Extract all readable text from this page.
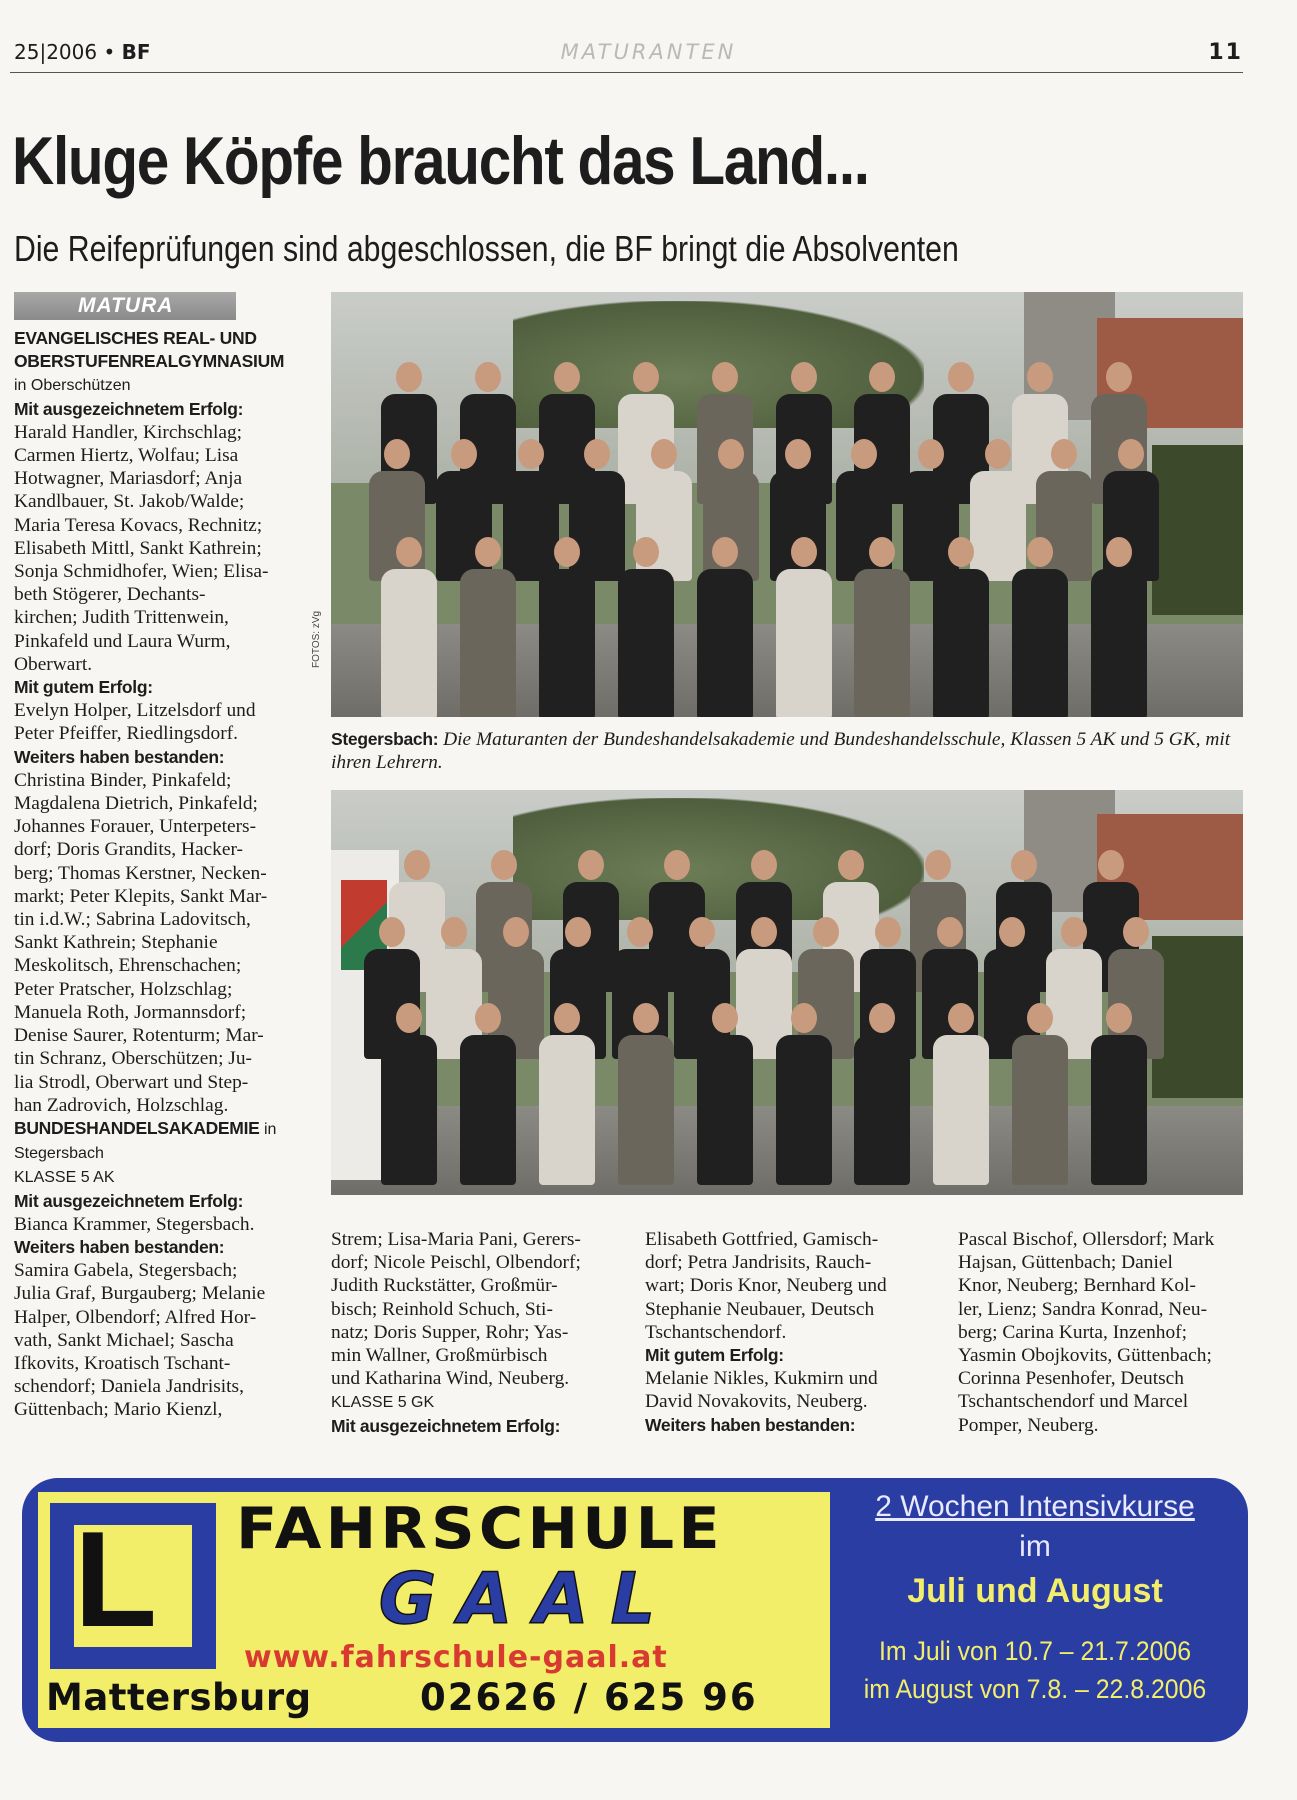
25|2006 • BF	MATURANTEN	11
Kluge Köpfe braucht das Land...
Die Reifeprüfungen sind abgeschlossen, die BF bringt die Absolventen
MATURA

EVANGELISCHES REAL- UND

OBERSTUFENREALGYMNASIUM

in Oberschützen

Mit ausgezeichnetem Erfolg:

Harald Handler, Kirchschlag;

Carmen Hiertz, Wolfau; Lisa

Hotwagner, Mariasdorf; Anja

Kandlbauer, St. Jakob/Walde;

Maria Teresa Kovacs, Rechnitz;

Elisabeth Mittl, Sankt Kathrein;

Sonja Schmidhofer, Wien; Elisa-

beth Stögerer, Dechants-

kirchen; Judith Trittenwein,

Pinkafeld und Laura Wurm,

Oberwart.

Mit gutem Erfolg:

Evelyn Holper, Litzelsdorf und

Peter Pfeiffer, Riedlingsdorf.

Weiters haben bestanden:

Christina Binder, Pinkafeld;

Magdalena Dietrich, Pinkafeld;

Johannes Forauer, Unterpeters-

dorf; Doris Grandits, Hacker-

berg; Thomas Kerstner, Necken-

markt; Peter Klepits, Sankt Mar-

tin i.d.W.; Sabrina Ladovitsch,

Sankt Kathrein; Stephanie

Meskolitsch, Ehrenschachen;

Peter Pratscher, Holzschlag;

Manuela Roth, Jormannsdorf;

Denise Saurer, Rotenturm; Mar-

tin Schranz, Oberschützen; Ju-

lia Strodl, Oberwart und Step-

han Zadrovich, Holzschlag.

BUNDESHANDELSAKADEMIE in

Stegersbach

KLASSE 5 AK

Mit ausgezeichnetem Erfolg:

Bianca Krammer, Stegersbach.

Weiters haben bestanden:

Samira Gabela, Stegersbach;

Julia Graf, Burgauberg; Melanie

Halper, Olbendorf; Alfred Hor-

vath, Sankt Michael; Sascha

Ifkovits, Kroatisch Tschant-

schendorf; Daniela Jandrisits,

Güttenbach; Mario Kienzl,

Strem; Lisa-Maria Pani, Gerers-

dorf; Nicole Peischl, Olbendorf;

Judith Ruckstätter, Großmür-

bisch; Reinhold Schuch, Sti-

natz; Doris Supper, Rohr; Yas-

min Wallner, Großmürbisch

und Katharina Wind, Neuberg.

KLASSE 5 GK

Mit ausgezeichnetem Erfolg:

Elisabeth Gottfried, Gamisch-

dorf; Petra Jandrisits, Rauch-

wart; Doris Knor, Neuberg und

Stephanie Neubauer, Deutsch

Tschantschendorf.

Mit gutem Erfolg:

Melanie Nikles, Kukmirn und

David Novakovits, Neuberg.

Weiters haben bestanden:

Pascal Bischof, Ollersdorf; Mark

Hajsan, Güttenbach; Daniel

Knor, Neuberg; Bernhard Kol-

ler, Lienz; Sandra Konrad, Neu-

berg; Carina Kurta, Inzenhof;

Yasmin Obojkovits, Güttenbach;

Corinna Pesenhofer, Deutsch

Tschantschendorf und Marcel

Pomper, Neuberg.

FOTOS: zVg
Stegersbach: Die Maturanten der Bundeshandelsakademie und Bundeshandelsschule, Klassen 5 AK und 5 GK, mit ihren Lehrern.
L FAHRSCHULE
GAAL
www.fahrschule-gaal.at
Mattersburg	02626 / 625 96
2 Wochen Intensivkurse
im
Juli und August
Im Juli von 10.7 – 21.7.2006
im August von 7.8. – 22.8.2006
